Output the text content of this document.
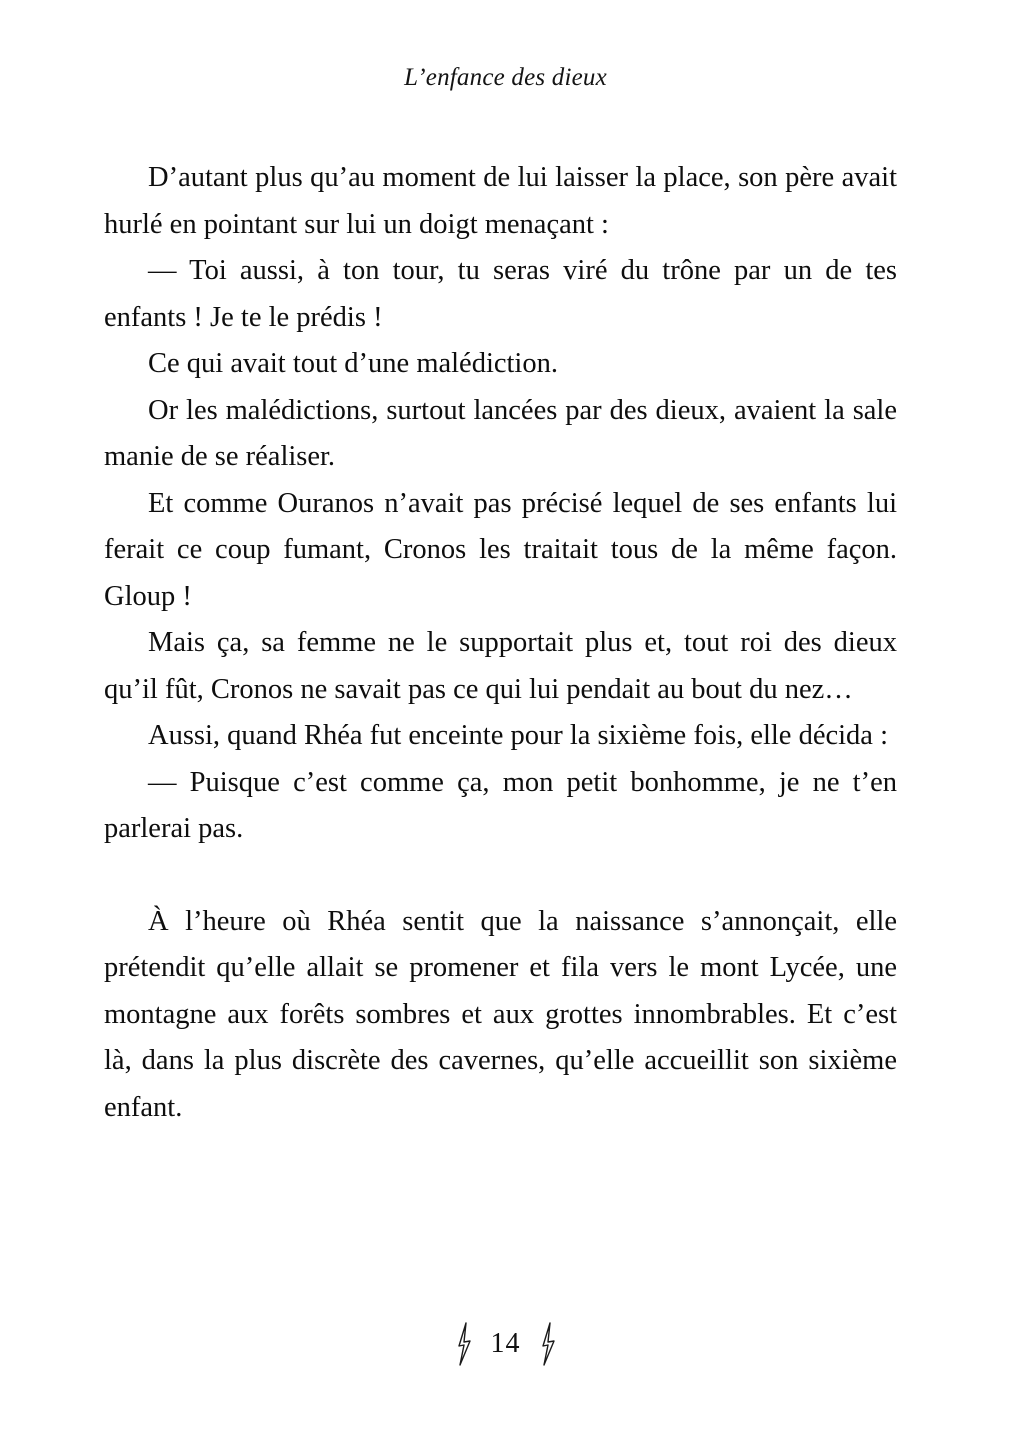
L’enfance des dieux

D’autant plus qu’au moment de lui laisser la place, son père avait hurlé en pointant sur lui un doigt menaçant :

— Toi aussi, à ton tour, tu seras viré du trône par un de tes enfants ! Je te le prédis !

Ce qui avait tout d’une malédiction.

Or les malédictions, surtout lancées par des dieux, avaient la sale manie de se réaliser.

Et comme Ouranos n’avait pas précisé lequel de ses enfants lui ferait ce coup fumant, Cronos les traitait tous de la même façon. Gloup !

Mais ça, sa femme ne le supportait plus et, tout roi des dieux qu’il fût, Cronos ne savait pas ce qui lui pendait au bout du nez…

Aussi, quand Rhéa fut enceinte pour la sixième fois, elle décida :

— Puisque c’est comme ça, mon petit bonhomme, je ne t’en parlerai pas.

À l’heure où Rhéa sentit que la naissance s’annonçait, elle prétendit qu’elle allait se promener et fila vers le mont Lycée, une montagne aux forêts sombres et aux grottes innombrables. Et c’est là, dans la plus discrète des cavernes, qu’elle accueillit son sixième enfant.

14
